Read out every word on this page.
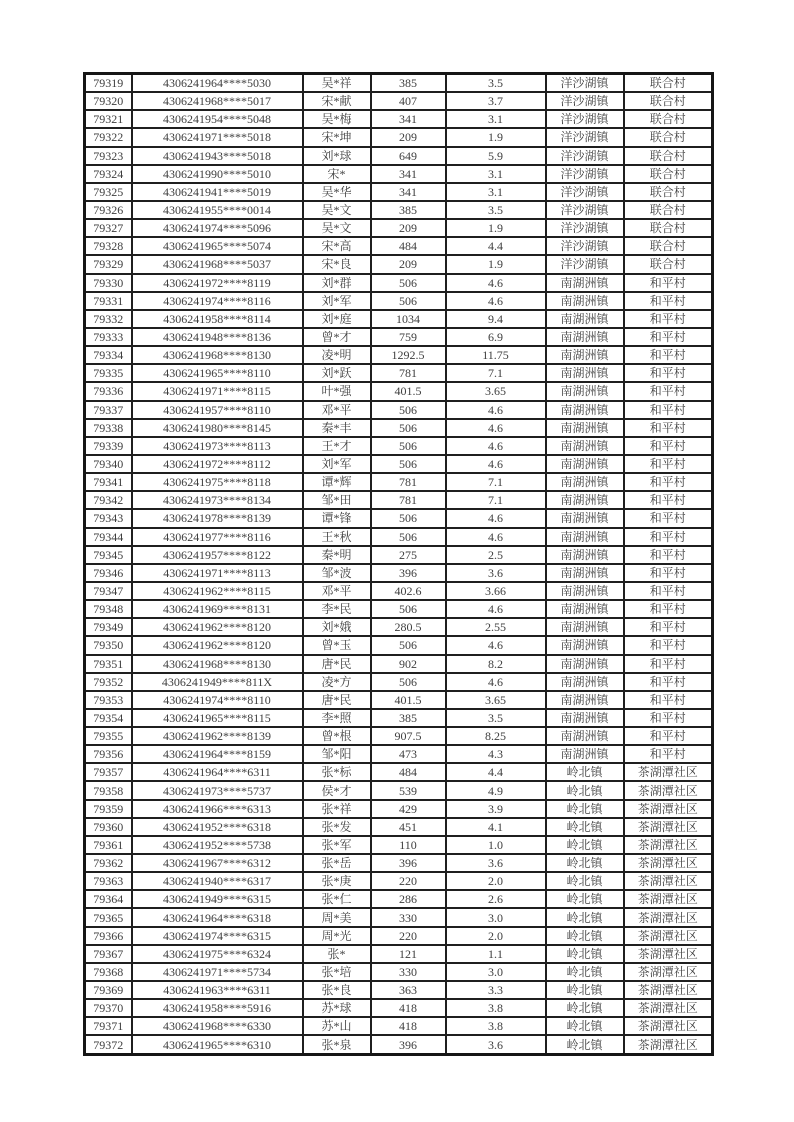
79319	4306241964****5030	吴*祥	385	3.5	洋沙湖镇	联合村
79320	4306241968****5017	宋*献	407	3.7	洋沙湖镇	联合村
79321	4306241954****5048	吴*梅	341	3.1	洋沙湖镇	联合村
79322	4306241971****5018	宋*坤	209	1.9	洋沙湖镇	联合村
79323	4306241943****5018	刘*球	649	5.9	洋沙湖镇	联合村
79324	4306241990****5010	宋*	341	3.1	洋沙湖镇	联合村
79325	4306241941****5019	吴*华	341	3.1	洋沙湖镇	联合村
79326	4306241955****0014	吴*文	385	3.5	洋沙湖镇	联合村
79327	4306241974****5096	吴*文	209	1.9	洋沙湖镇	联合村
79328	4306241965****5074	宋*高	484	4.4	洋沙湖镇	联合村
79329	4306241968****5037	宋*良	209	1.9	洋沙湖镇	联合村
79330	4306241972****8119	刘*群	506	4.6	南湖洲镇	和平村
79331	4306241974****8116	刘*军	506	4.6	南湖洲镇	和平村
79332	4306241958****8114	刘*庭	1034	9.4	南湖洲镇	和平村
79333	4306241948****8136	曾*才	759	6.9	南湖洲镇	和平村
79334	4306241968****8130	凌*明	1292.5	11.75	南湖洲镇	和平村
79335	4306241965****8110	刘*跃	781	7.1	南湖洲镇	和平村
79336	4306241971****8115	叶*强	401.5	3.65	南湖洲镇	和平村
79337	4306241957****8110	邓*平	506	4.6	南湖洲镇	和平村
79338	4306241980****8145	秦*丰	506	4.6	南湖洲镇	和平村
79339	4306241973****8113	王*才	506	4.6	南湖洲镇	和平村
79340	4306241972****8112	刘*军	506	4.6	南湖洲镇	和平村
79341	4306241975****8118	谭*辉	781	7.1	南湖洲镇	和平村
79342	4306241973****8134	邹*田	781	7.1	南湖洲镇	和平村
79343	4306241978****8139	谭*锋	506	4.6	南湖洲镇	和平村
79344	4306241977****8116	王*秋	506	4.6	南湖洲镇	和平村
79345	4306241957****8122	秦*明	275	2.5	南湖洲镇	和平村
79346	4306241971****8113	邹*波	396	3.6	南湖洲镇	和平村
79347	4306241962****8115	邓*平	402.6	3.66	南湖洲镇	和平村
79348	4306241969****8131	李*民	506	4.6	南湖洲镇	和平村
79349	4306241962****8120	刘*娥	280.5	2.55	南湖洲镇	和平村
79350	4306241962****8120	曾*玉	506	4.6	南湖洲镇	和平村
79351	4306241968****8130	唐*民	902	8.2	南湖洲镇	和平村
79352	4306241949****811X	凌*方	506	4.6	南湖洲镇	和平村
79353	4306241974****8110	唐*民	401.5	3.65	南湖洲镇	和平村
79354	4306241965****8115	李*照	385	3.5	南湖洲镇	和平村
79355	4306241962****8139	曾*根	907.5	8.25	南湖洲镇	和平村
79356	4306241964****8159	邹*阳	473	4.3	南湖洲镇	和平村
79357	4306241964****6311	张*标	484	4.4	岭北镇	茶湖潭社区
79358	4306241973****5737	侯*才	539	4.9	岭北镇	茶湖潭社区
79359	4306241966****6313	张*祥	429	3.9	岭北镇	茶湖潭社区
79360	4306241952****6318	张*发	451	4.1	岭北镇	茶湖潭社区
79361	4306241952****5738	张*军	110	1.0	岭北镇	茶湖潭社区
79362	4306241967****6312	张*岳	396	3.6	岭北镇	茶湖潭社区
79363	4306241940****6317	张*庚	220	2.0	岭北镇	茶湖潭社区
79364	4306241949****6315	张*仁	286	2.6	岭北镇	茶湖潭社区
79365	4306241964****6318	周*美	330	3.0	岭北镇	茶湖潭社区
79366	4306241974****6315	周*光	220	2.0	岭北镇	茶湖潭社区
79367	4306241975****6324	张*	121	1.1	岭北镇	茶湖潭社区
79368	4306241971****5734	张*培	330	3.0	岭北镇	茶湖潭社区
79369	4306241963****6311	张*良	363	3.3	岭北镇	茶湖潭社区
79370	4306241958****5916	苏*球	418	3.8	岭北镇	茶湖潭社区
79371	4306241968****6330	苏*山	418	3.8	岭北镇	茶湖潭社区
79372	4306241965****6310	张*泉	396	3.6	岭北镇	茶湖潭社区
